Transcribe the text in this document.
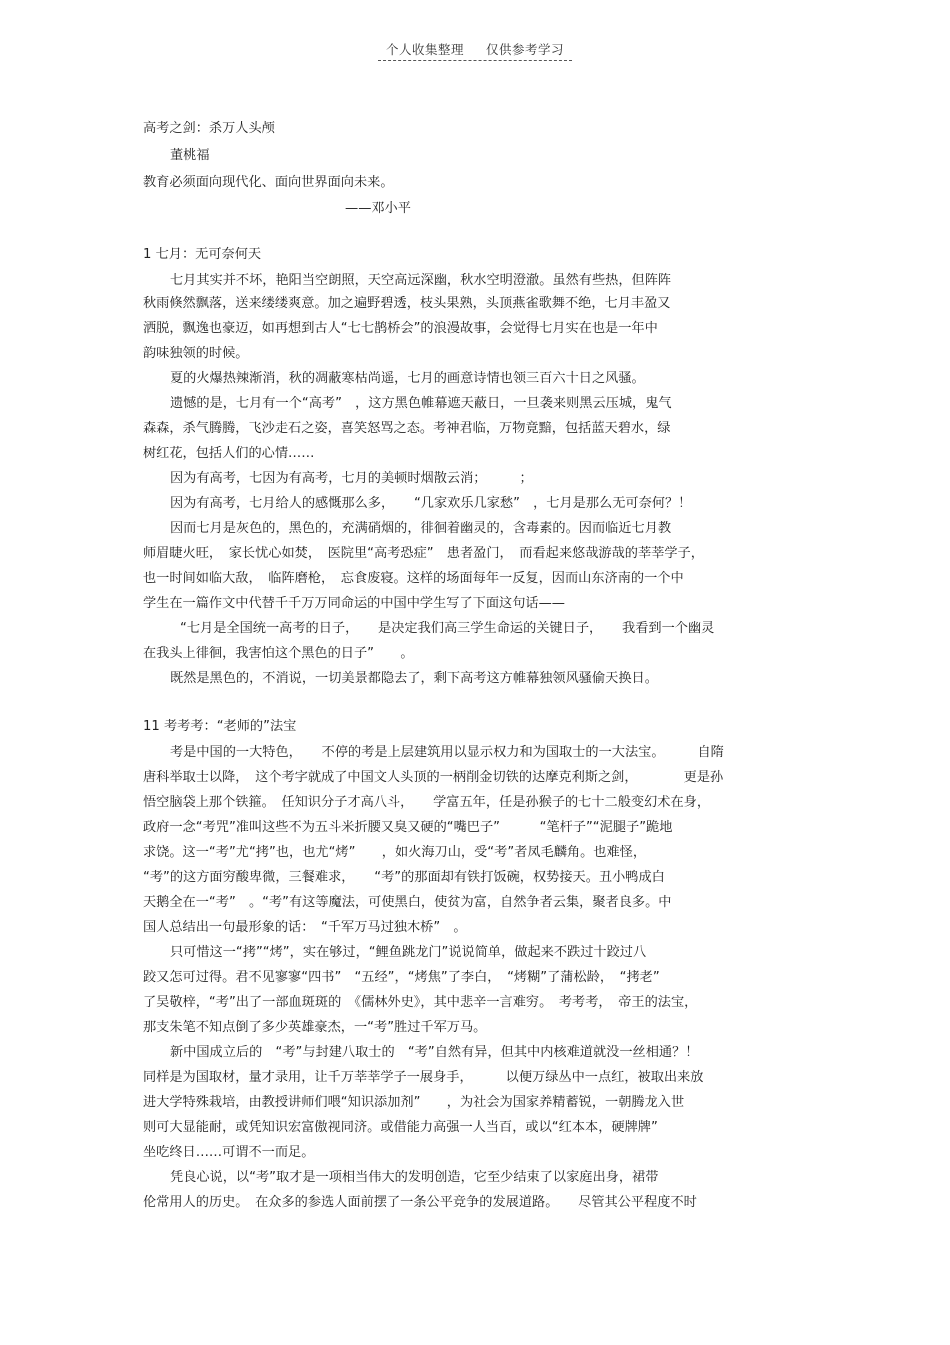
个人收集整理 仅供参考学习
高考之剑：杀万人头颅
董桃福
教育必须面向现代化、面向世界面向未来。
——邓小平
1 七月：无可奈何天
七月其实并不坏，艳阳当空朗照，天空高远深幽，秋水空明澄澈。虽然有些热，但阵阵
秋雨倏然飘落，送来缕缕爽意。加之遍野碧透，枝头果熟，头顶燕雀歌舞不绝，七月丰盈又
洒脱，飘逸也豪迈，如再想到古人“七七鹊桥会”的浪漫故事，会觉得七月实在也是一年中
韵味独领的时候。
夏的火爆热辣渐消，秋的凋蔽寒枯尚遥，七月的画意诗情也领三百六十日之风骚。
遗憾的是，七月有一个“高考”　，这方黑色帷幕遮天蔽日，一旦袭来则黑云压城，鬼气
森森，杀气腾腾，飞沙走石之姿，喜笑怒骂之态。考神君临，万物竟黯，包括蓝天碧水，绿
树红花，包括人们的心情……
因为有高考，七因为有高考，七月的美顿时烟散云消；　　　；
因为有高考，七月给人的感慨那么多，　　“几家欢乐几家愁”　，七月是那么无可奈何？！
因而七月是灰色的，黑色的，充满硝烟的，徘徊着幽灵的，含毒素的。因而临近七月教
师眉睫火旺，　家长忧心如焚，　医院里“高考恐症”　患者盈门，　而看起来悠哉游哉的莘莘学子，
也一时间如临大敌，　临阵磨枪，　忘食废寝。这样的场面每年一反复，因而山东济南的一个中
学生在一篇作文中代替千千万万同命运的中国中学生写了下面这句话——
“七月是全国统一高考的日子，　　是决定我们高三学生命运的关键日子，　　我看到一个幽灵
在我头上徘徊，我害怕这个黑色的日子”　　。
既然是黑色的，不消说，一切美景都隐去了，剩下高考这方帷幕独领风骚偷天换日。
11 考考考：“老师的”法宝
考是中国的一大特色，　　不停的考是上层建筑用以显示权力和为国取士的一大法宝。　　　自隋
唐科举取士以降，　这个考字就成了中国文人头顶的一柄削金切铁的达摩克利斯之剑，　　　　更是孙
悟空脑袋上那个铁箍。　任知识分子才高八斗，　　学富五年，任是孙猴子的七十二般变幻术在身，
政府一念“考咒”准叫这些不为五斗米折腰又臭又硬的“嘴巴子”　　　“笔杆子”“泥腿子”跪地
求饶。这一“考”尤“拷”也，也尤“烤”　　，如火海刀山，受“考”者凤毛麟角。也难怪，
“考”的这方面穷酸卑微，三餐难求，　　“考”的那面却有铁打饭碗，权势接天。丑小鸭成白
天鹅全在一“考”　。“考”有这等魔法，可使黑白，使贫为富，自然争者云集，聚者良多。中
国人总结出一句最形象的话：　“千军万马过独木桥”　。
只可惜这一“拷”“烤”，实在够过，“鲤鱼跳龙门”说说简单，做起来不跌过十跤过八
跤又怎可过得。君不见寥寥“四书”　“五经”，“烤焦”了李白，　“烤糊”了蒲松龄，　“拷老”
了吴敬梓，“考”出了一部血斑斑的　《儒林外史》，其中悲辛一言难穷。　考考考，　帝王的法宝，
那支朱笔不知点倒了多少英雄豪杰，一“考”胜过千军万马。
新中国成立后的　“考”与封建八取士的　“考”自然有异，但其中内核难道就没一丝相通？！
同样是为国取材，量才录用，让千万莘莘学子一展身手，　　　以便万绿丛中一点红，被取出来放
进大学特殊栽培，由教授讲师们喂“知识添加剂”　　，为社会为国家养精蓄锐，一朝腾龙入世
则可大显能耐，或凭知识宏富傲视同济。或借能力高强一人当百，或以“红本本，硬牌牌”
坐吃终日……可谓不一而足。
凭良心说，以“考”取才是一项相当伟大的发明创造，它至少结束了以家庭出身，裙带
伦常用人的历史。　在众多的参选人面前摆了一条公平竞争的发展道路。　　尽管其公平程度不时
